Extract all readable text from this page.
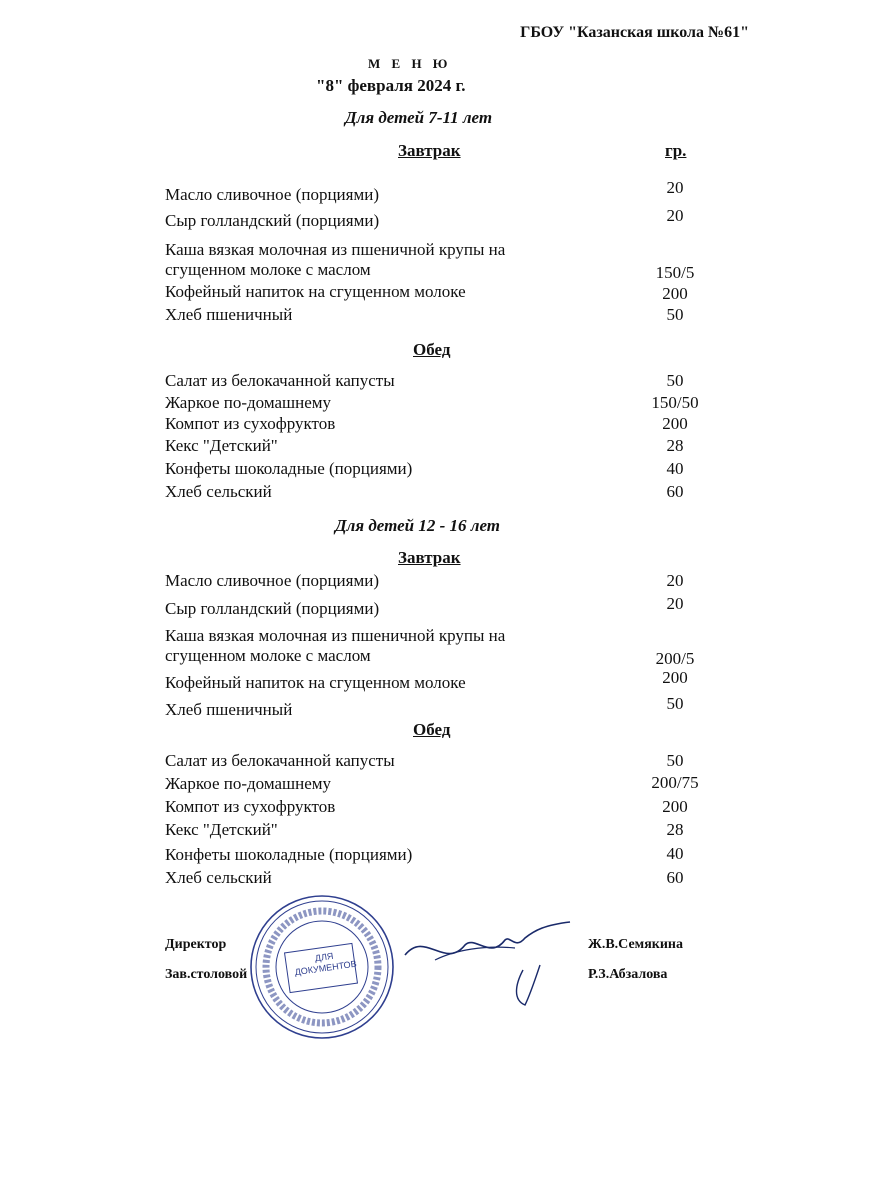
ГБОУ "Казанская школа №61"
М Е Н Ю
"8" февраля 2024 г.
Для детей 7-11 лет
Завтрак	гр.
Масло сливочное (порциями)	20
Сыр голландский (порциями)	20
Каша вязкая молочная из пшеничной крупы на сгущенном молоке с маслом	150/5
Кофейный напиток на сгущенном молоке	200
Хлеб пшеничный	50
Обед
Салат из белокачанной капусты	50
Жаркое по-домашнему	150/50
Компот из сухофруктов	200
Кекс "Детский"	28
Конфеты шоколадные (порциями)	40
Хлеб сельский	60
Для детей 12 - 16 лет
Завтрак
Масло сливочное (порциями)	20
Сыр голландский (порциями)	20
Каша вязкая молочная из пшеничной крупы на сгущенном молоке с маслом	200/5
Кофейный напиток на сгущенном молоке	200
Хлеб пшеничный	50
Обед
Салат из белокачанной капусты	50
Жаркое по-домашнему	200/75
Компот из сухофруктов	200
Кекс "Детский"	28
Конфеты шоколадные (порциями)	40
Хлеб сельский	60
ДЛЯ ДОКУМЕНТОВ
Директор	Ж.В.Семякина
Зав.столовой	Р.З.Абзалова
